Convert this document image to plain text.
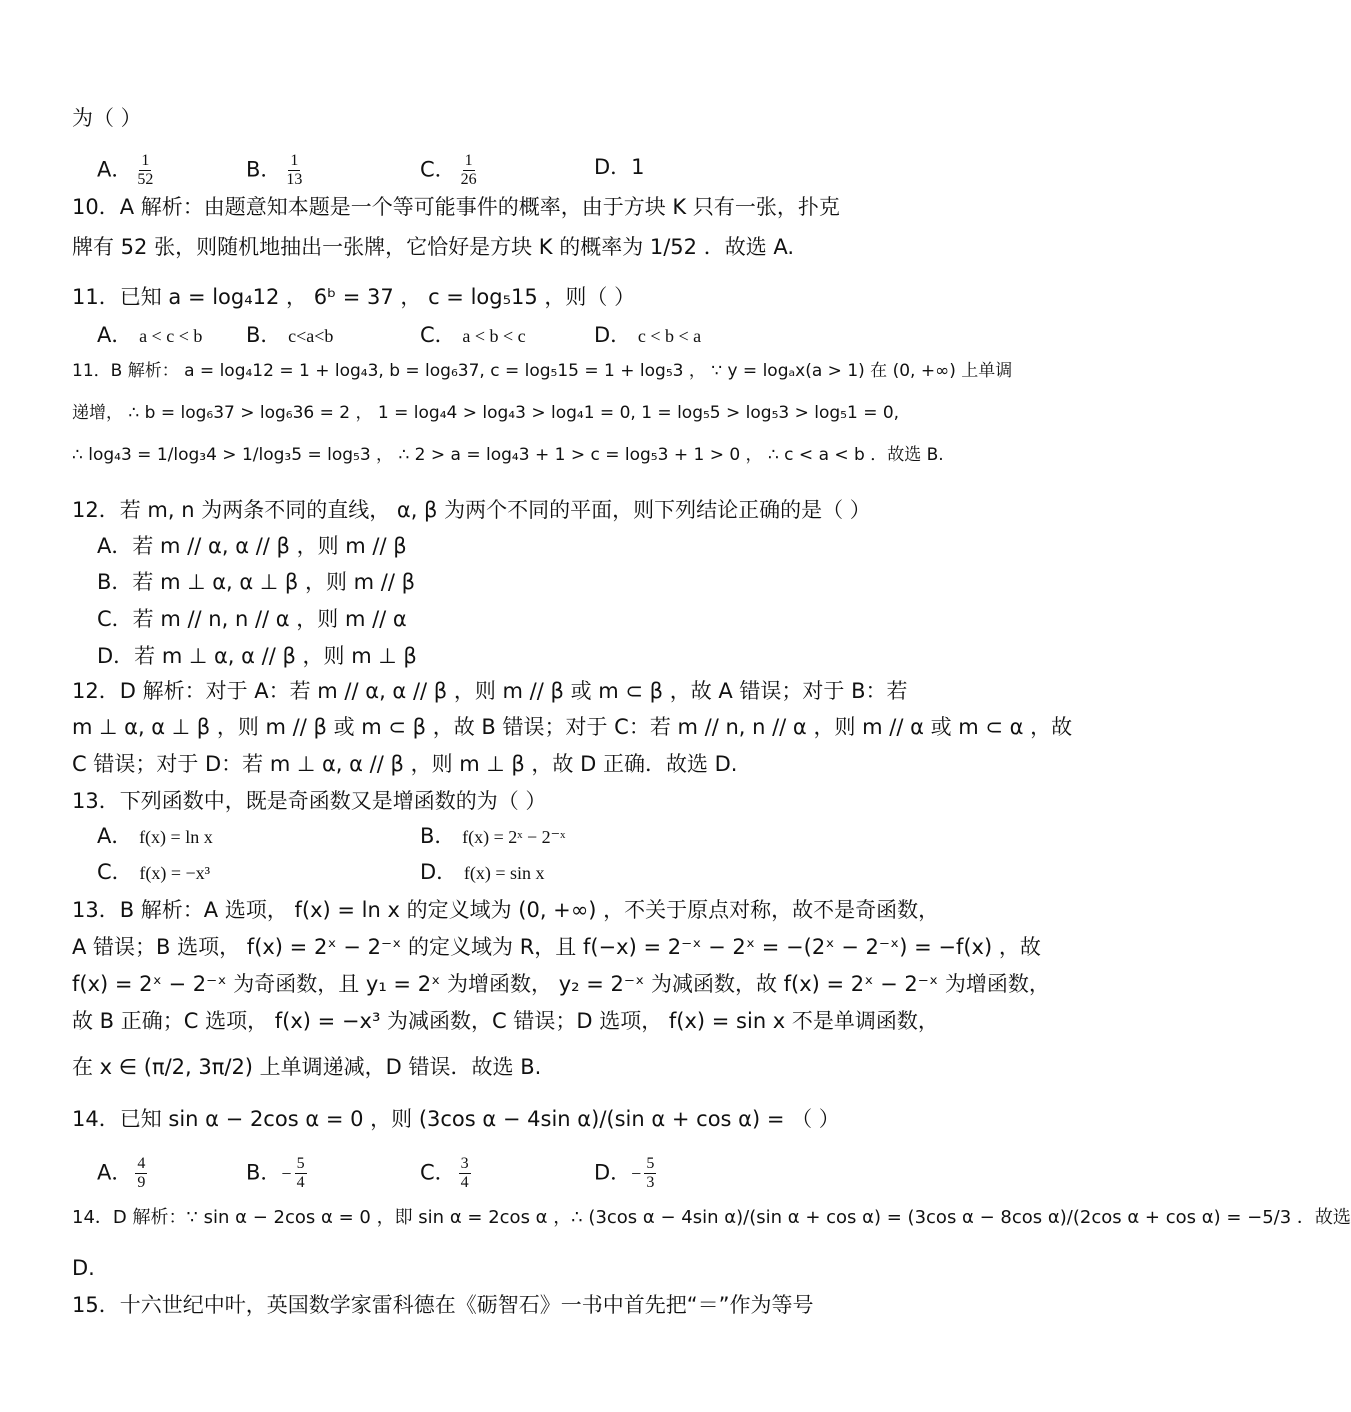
为（ ）
A． $\frac{1}{52}$	B． $\frac{1}{13}$	C． $\frac{1}{26}$	D．1
10．A 解析：由题意知本题是一个等可能事件的概率，由于方块 K 只有一张，扑克
牌有 52 张，则随机地抽出一张牌，它恰好是方块 K 的概率为 1/52 ．故选 A.
11．已知 a = log₄12 ， 6ᵇ = 37 ， c = log₅15 ，则（ ）
A． a < c < b B． c<a<b	C． a < b < c	D． c < b < a
11．B 解析： a = log₄12 = 1 + log₄3, b = log₆37, c = log₅15 = 1 + log₅3 ， ∵ y = logₐx(a > 1) 在 (0, +∞) 上单调
递增， ∴ b = log₆37 > log₆36 = 2 ， 1 = log₄4 > log₄3 > log₄1 = 0, 1 = log₅5 > log₅3 > log₅1 = 0,
∴ log₄3 = 1/log₃4 > 1/log₃5 = log₅3 ， ∴ 2 > a = log₄3 + 1 > c = log₅3 + 1 > 0 ， ∴ c < a < b ．故选 B.
12．若 m, n 为两条不同的直线， α, β 为两个不同的平面，则下列结论正确的是（ ）
A．若 m // α, α // β ，则 m // β
B．若 m ⊥ α, α ⊥ β ，则 m // β
C．若 m // n, n // α ，则 m // α
D．若 m ⊥ α, α // β ，则 m ⊥ β
12．D 解析：对于 A：若 m // α, α // β ，则 m // β 或 m ⊂ β ，故 A 错误；对于 B：若
m ⊥ α, α ⊥ β ，则 m // β 或 m ⊂ β ，故 B 错误；对于 C：若 m // n, n // α ，则 m // α 或 m ⊂ α ，故
C 错误；对于 D：若 m ⊥ α, α // β ，则 m ⊥ β ，故 D 正确．故选 D.
13．下列函数中，既是奇函数又是增函数的为（ ）
A． f(x) = ln x	B． f(x) = 2ˣ − 2⁻ˣ
C． f(x) = −x³	D． f(x) = sin x
13．B 解析：A 选项， f(x) = ln x 的定义域为 (0, +∞) ，不关于原点对称，故不是奇函数，
A 错误；B 选项， f(x) = 2ˣ − 2⁻ˣ 的定义域为 R，且 f(−x) = 2⁻ˣ − 2ˣ = −(2ˣ − 2⁻ˣ) = −f(x) ，故
f(x) = 2ˣ − 2⁻ˣ 为奇函数，且 y₁ = 2ˣ 为增函数， y₂ = 2⁻ˣ 为减函数，故 f(x) = 2ˣ − 2⁻ˣ 为增函数，
故 B 正确；C 选项， f(x) = −x³ 为减函数，C 错误；D 选项， f(x) = sin x 不是单调函数，
在 x ∈ (π/2, 3π/2) 上单调递减，D 错误．故选 B.
14．已知 sin α − 2cos α = 0 ，则 (3cos α − 4sin α)/(sin α + cos α) = （ ）
A． $\frac{4}{9}$	B．− $\frac{5}{4}$	C． $\frac{3}{4}$	D．− $\frac{5}{3}$
14．D 解析：∵ sin α − 2cos α = 0 ，即 sin α = 2cos α ，∴ (3cos α − 4sin α)/(sin α + cos α) = (3cos α − 8cos α)/(2cos α + cos α) = −5/3 ．故选
D.
15．十六世纪中叶，英国数学家雷科德在《砺智石》一书中首先把“＝”作为等号
